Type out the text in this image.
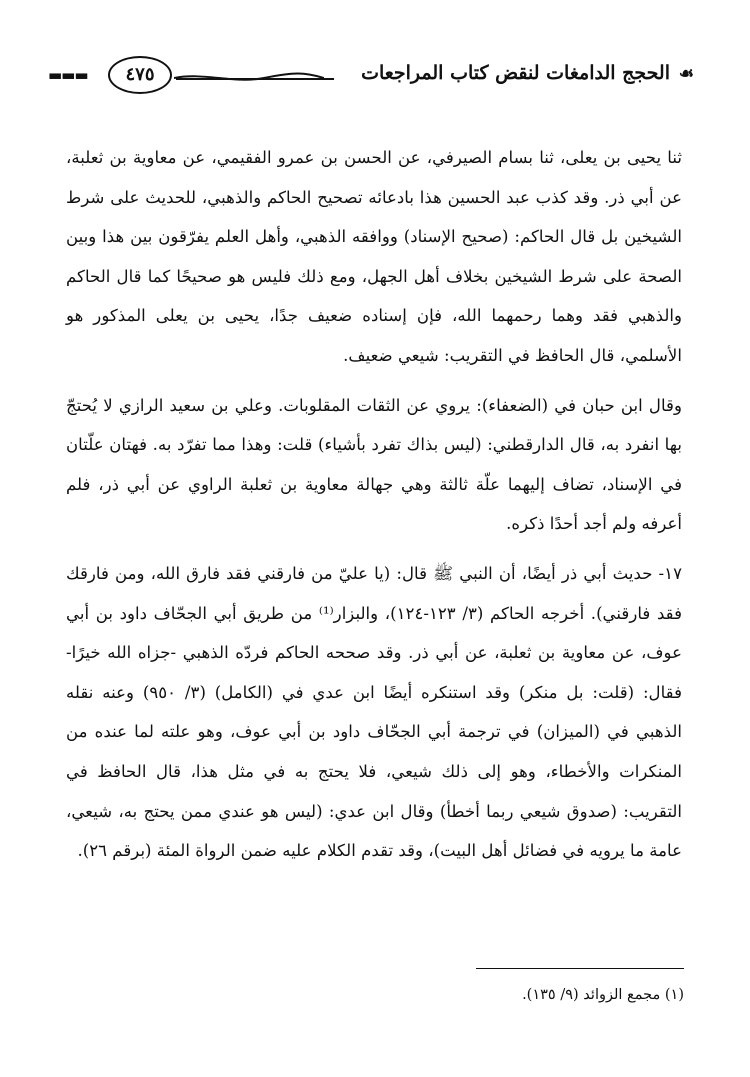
☙
الحجج الدامغات لنقض كتاب المراجعات
٤٧٥
▬▬▬

ثنا يحيى بن يعلى، ثنا بسام الصيرفي، عن الحسن بن عمرو الفقيمي، عن معاوية بن ثعلبة، عن أبي ذر. وقد كذب عبد الحسين هذا بادعائه تصحيح الحاكم والذهبي، للحديث على شرط الشيخين بل قال الحاكم: (صحيح الإسناد) ووافقه الذهبي، وأهل العلم يفرّقون بين هذا وبين الصحة على شرط الشيخين بخلاف أهل الجهل، ومع ذلك فليس هو صحيحًا كما قال الحاكم والذهبي فقد وهما رحمهما الله، فإن إسناده ضعيف جدًا، يحيى بن يعلى المذكور هو الأسلمي، قال الحافظ في التقريب: شيعي ضعيف.

وقال ابن حبان في (الضعفاء): يروي عن الثقات المقلوبات. وعلي بن سعيد الرازي لا يُحتجّ بها انفرد به، قال الدارقطني: (ليس بذاك تفرد بأشياء) قلت: وهذا مما تفرّد به. فهتان علّتان في الإسناد، تضاف إليهما علّة ثالثة وهي جهالة معاوية بن ثعلبة الراوي عن أبي ذر، فلم أعرفه ولم أجد أحدًا ذكره.

١٧- حديث أبي ذر أيضًا، أن النبي ﷺ قال: (يا عليّ من فارقني فقد فارق الله، ومن فارقك فقد فارقني). أخرجه الحاكم (٣/ ١٢٣-١٢٤)، والبزار⁽¹⁾ من طريق أبي الجحّاف داود بن أبي عوف، عن معاوية بن ثعلبة، عن أبي ذر. وقد صححه الحاكم فردّه الذهبي -جزاه الله خيرًا- فقال: (قلت: بل منكر) وقد استنكره أيضًا ابن عدي في (الكامل) (٣/ ٩٥٠) وعنه نقله الذهبي في (الميزان) في ترجمة أبي الجحّاف داود بن أبي عوف، وهو علته لما عنده من المنكرات والأخطاء، وهو إلى ذلك شيعي، فلا يحتج به في مثل هذا، قال الحافظ في التقريب: (صدوق شيعي ربما أخطأ) وقال ابن عدي: (ليس هو عندي ممن يحتج به، شيعي، عامة ما يرويه في فضائل أهل البيت)، وقد تقدم الكلام عليه ضمن الرواة المئة (برقم ٢٦).

(١) مجمع الزوائد (٩/ ١٣٥).
